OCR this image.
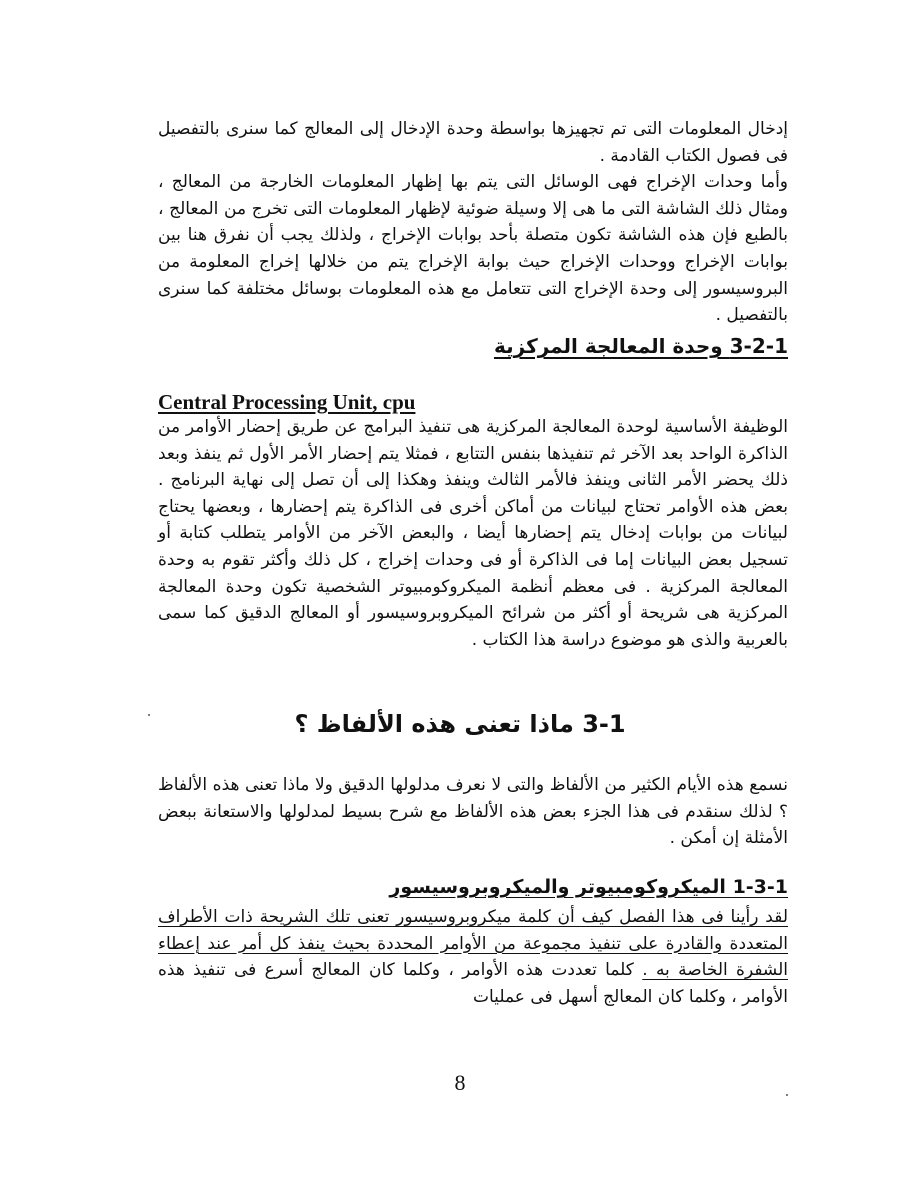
إدخال المعلومات التى تم تجهيزها بواسطة وحدة الإدخال إلى المعالج كما سنرى بالتفصيل فى فصول الكتاب القادمة .

وأما وحدات الإخراج فهى الوسائل التى يتم بها إظهار المعلومات الخارجة من المعالج ، ومثال ذلك الشاشة التى ما هى إلا وسيلة ضوئية لإظهار المعلومات التى تخرج من المعالج ، بالطبع فإن هذه الشاشة تكون متصلة بأحد بوابات الإخراج ، ولذلك يجب أن نفرق هنا بين بوابات الإخراج ووحدات الإخراج حيث بوابة الإخراج يتم من خلالها إخراج المعلومة من البروسيسور إلى وحدة الإخراج التى تتعامل مع هذه المعلومات بوسائل مختلفة كما سنرى بالتفصيل .

3-2-1 وحدة المعالجة المركزية
Central Processing Unit, cpu

الوظيفة الأساسية لوحدة المعالجة المركزية هى تنفيذ البرامج عن طريق إحضار الأوامر من الذاكرة الواحد بعد الآخر ثم تنفيذها بنفس التتابع ، فمثلا يتم إحضار الأمر الأول ثم ينفذ وبعد ذلك يحضر الأمر الثانى وينفذ فالأمر الثالث وينفذ وهكذا إلى أن تصل إلى نهاية البرنامج . بعض هذه الأوامر تحتاج لبيانات من أماكن أخرى فى الذاكرة يتم إحضارها ، وبعضها يحتاج لبيانات من بوابات إدخال يتم إحضارها أيضا ، والبعض الآخر من الأوامر يتطلب كتابة أو تسجيل بعض البيانات إما فى الذاكرة أو فى وحدات إخراج ، كل ذلك وأكثر تقوم به وحدة المعالجة المركزية . فى معظم أنظمة الميكروكومبيوتر الشخصية تكون وحدة المعالجة المركزية هى شريحة أو أكثر من شرائح الميكروبروسيسور أو المعالج الدقيق كما سمى بالعربية والذى هو موضوع دراسة هذا الكتاب .

3-1 ماذا تعنى هذه الألفاظ ؟

نسمع هذه الأيام الكثير من الألفاظ والتى لا نعرف مدلولها الدقيق ولا ماذا تعنى هذه الألفاظ ؟ لذلك سنقدم فى هذا الجزء بعض هذه الألفاظ مع شرح بسيط لمدلولها والاستعانة ببعض الأمثلة إن أمكن .

1-3-1 الميكروكومبيوتر والميكروبروسيسور

لقد رأينا فى هذا الفصل كيف أن كلمة ميكروبروسيسور تعنى تلك الشريحة ذات الأطراف المتعددة والقادرة على تنفيذ مجموعة من الأوامر المحددة بحيث ينفذ كل أمر عند إعطاء الشفرة الخاصة به . كلما تعددت هذه الأوامر ، وكلما كان المعالج أسرع فى تنفيذ هذه الأوامر ، وكلما كان المعالج أسهل فى عمليات

8
